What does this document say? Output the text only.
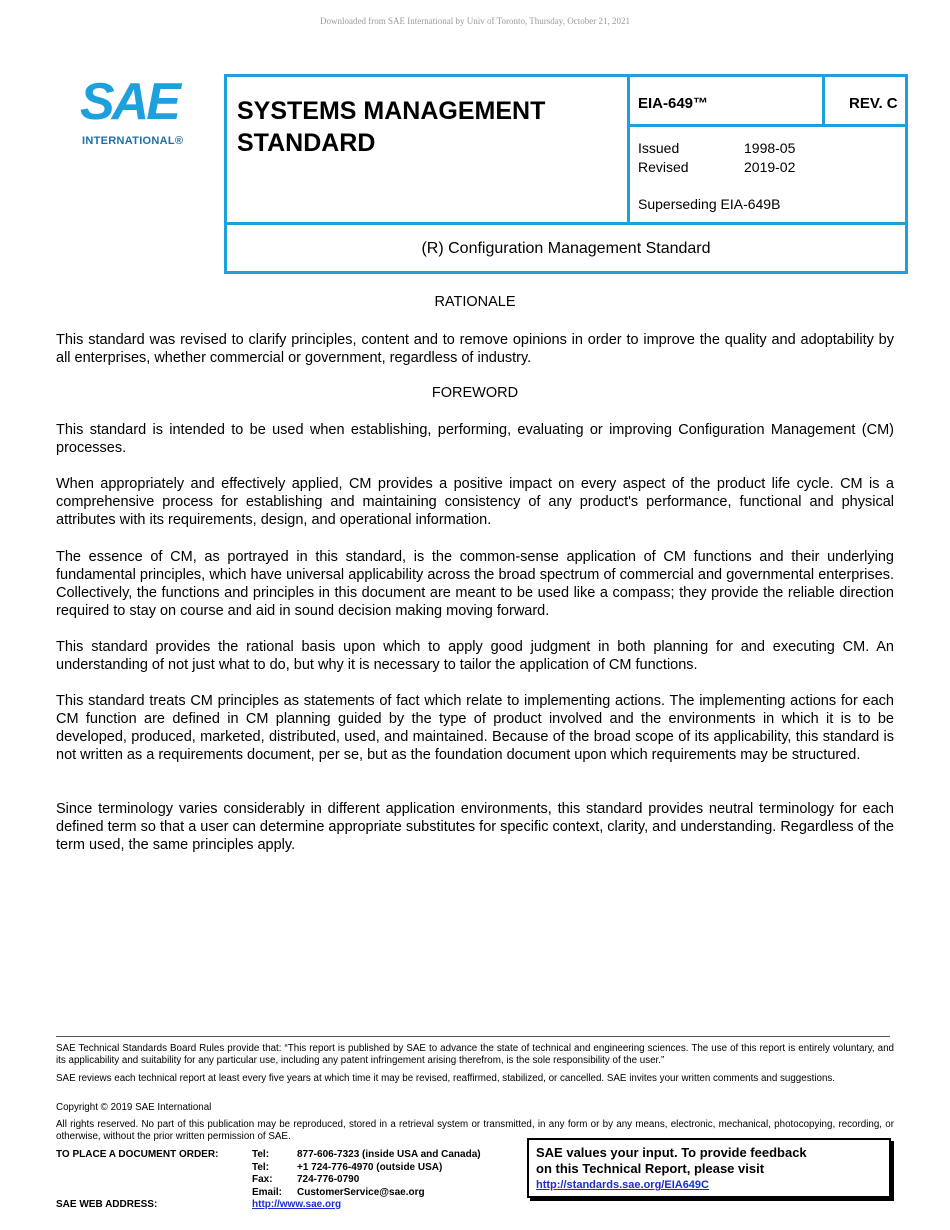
Downloaded from SAE International by Univ of Toronto, Thursday, October 21, 2021
SAE
INTERNATIONAL®
SYSTEMS MANAGEMENT
STANDARD
EIA-649™	REV. C
Issued	1998-05
Revised	2019-02
Superseding EIA-649B
(R) Configuration Management Standard
RATIONALE

This standard was revised to clarify principles, content and to remove opinions in order to improve the quality and adoptability by all enterprises, whether commercial or government, regardless of industry.

FOREWORD

This standard is intended to be used when establishing, performing, evaluating or improving Configuration Management (CM) processes.

When appropriately and effectively applied, CM provides a positive impact on every aspect of the product life cycle. CM is a comprehensive process for establishing and maintaining consistency of any product's performance, functional and physical attributes with its requirements, design, and operational information.

The essence of CM, as portrayed in this standard, is the common-sense application of CM functions and their underlying fundamental principles, which have universal applicability across the broad spectrum of commercial and governmental enterprises. Collectively, the functions and principles in this document are meant to be used like a compass; they provide the reliable direction required to stay on course and aid in sound decision making moving forward.

This standard provides the rational basis upon which to apply good judgment in both planning for and executing CM. An understanding of not just what to do, but why it is necessary to tailor the application of CM functions.

This standard treats CM principles as statements of fact which relate to implementing actions. The implementing actions for each CM function are defined in CM planning guided by the type of product involved and the environments in which it is to be developed, produced, marketed, distributed, used, and maintained. Because of the broad scope of its applicability, this standard is not written as a requirements document, per se, but as the foundation document upon which requirements may be structured.

Since terminology varies considerably in different application environments, this standard provides neutral terminology for each defined term so that a user can determine appropriate substitutes for specific context, clarity, and understanding. Regardless of the term used, the same principles apply.

SAE Technical Standards Board Rules provide that: “This report is published by SAE to advance the state of technical and engineering sciences. The use of this report is entirely voluntary, and its applicability and suitability for any particular use, including any patent infringement arising therefrom, is the sole responsibility of the user.”

SAE reviews each technical report at least every five years at which time it may be revised, reaffirmed, stabilized, or cancelled. SAE invites your written comments and suggestions.

Copyright © 2019 SAE International

All rights reserved. No part of this publication may be reproduced, stored in a retrieval system or transmitted, in any form or by any means, electronic, mechanical, photocopying, recording, or otherwise, without the prior written permission of SAE.

TO PLACE A DOCUMENT ORDER:	Tel:	877-606-7323 (inside USA and Canada)
Tel:	+1 724-776-4970 (outside USA)
Fax: 724-776-0790
Email: CustomerService@sae.org
SAE WEB ADDRESS:	http://www.sae.org
SAE values your input. To provide feedback
on this Technical Report, please visit
http://standards.sae.org/EIA649C
